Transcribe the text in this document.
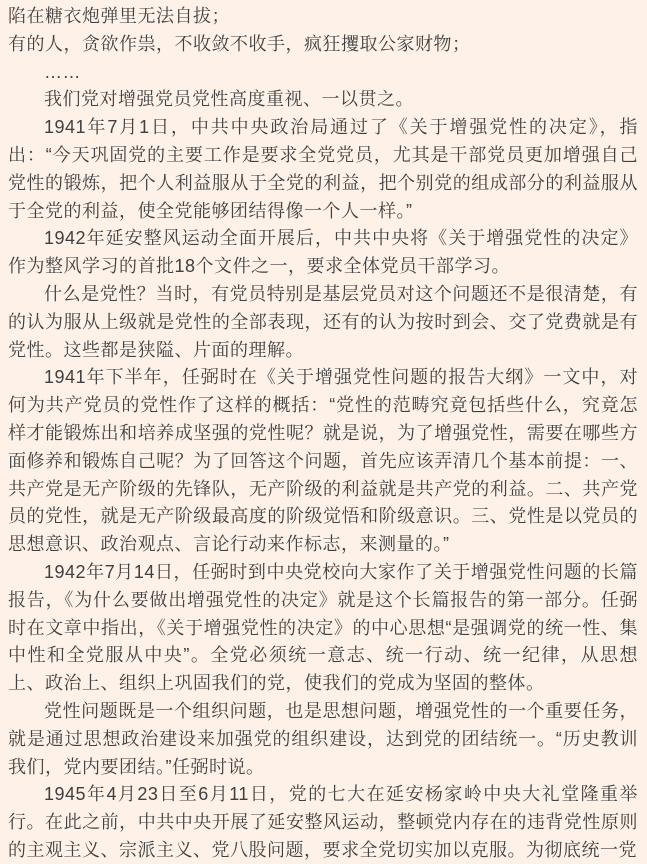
陷在糖衣炮弹里无法自拔；

有的人，贪欲作祟，不收敛不收手，疯狂攫取公家财物；

……

我们党对增强党员党性高度重视、一以贯之。

1941年7月1日，中共中央政治局通过了《关于增强党性的决定》，指出：“今天巩固党的主要工作是要求全党党员，尤其是干部党员更加增强自己党性的锻炼，把个人利益服从于全党的利益，把个别党的组成部分的利益服从于全党的利益，使全党能够团结得像一个人一样。”

1942年延安整风运动全面开展后，中共中央将《关于增强党性的决定》作为整风学习的首批18个文件之一，要求全体党员干部学习。

什么是党性？当时，有党员特别是基层党员对这个问题还不是很清楚，有的认为服从上级就是党性的全部表现，还有的认为按时到会、交了党费就是有党性。这些都是狭隘、片面的理解。

1941年下半年，任弼时在《关于增强党性问题的报告大纲》一文中，对何为共产党员的党性作了这样的概括：“党性的范畴究竟包括些什么，究竟怎样才能锻炼出和培养成坚强的党性呢？就是说，为了增强党性，需要在哪些方面修养和锻炼自己呢？为了回答这个问题，首先应该弄清几个基本前提：一、共产党是无产阶级的先锋队，无产阶级的利益就是共产党的利益。二、共产党员的党性，就是无产阶级最高度的阶级觉悟和阶级意识。三、党性是以党员的思想意识、政治观点、言论行动来作标志，来测量的。”

1942年7月14日，任弼时到中央党校向大家作了关于增强党性问题的长篇报告，《为什么要做出增强党性的决定》就是这个长篇报告的第一部分。任弼时在文章中指出，《关于增强党性的决定》的中心思想“是强调党的统一性、集中性和全党服从中央”。全党必须统一意志、统一行动、统一纪律，从思想上、政治上、组织上巩固我们的党，使我们的党成为坚固的整体。

党性问题既是一个组织问题，也是思想问题，增强党性的一个重要任务，就是通过思想政治建设来加强党的组织建设，达到党的团结统一。“历史教训我们，党内要团结。”任弼时说。

1945年4月23日至6月11日，党的七大在延安杨家岭中央大礼堂隆重举行。在此之前，中共中央开展了延安整风运动，整顿党内存在的违背党性原则的主观主义、宗派主义、党八股问题，要求全党切实加以克服。为彻底统一党
